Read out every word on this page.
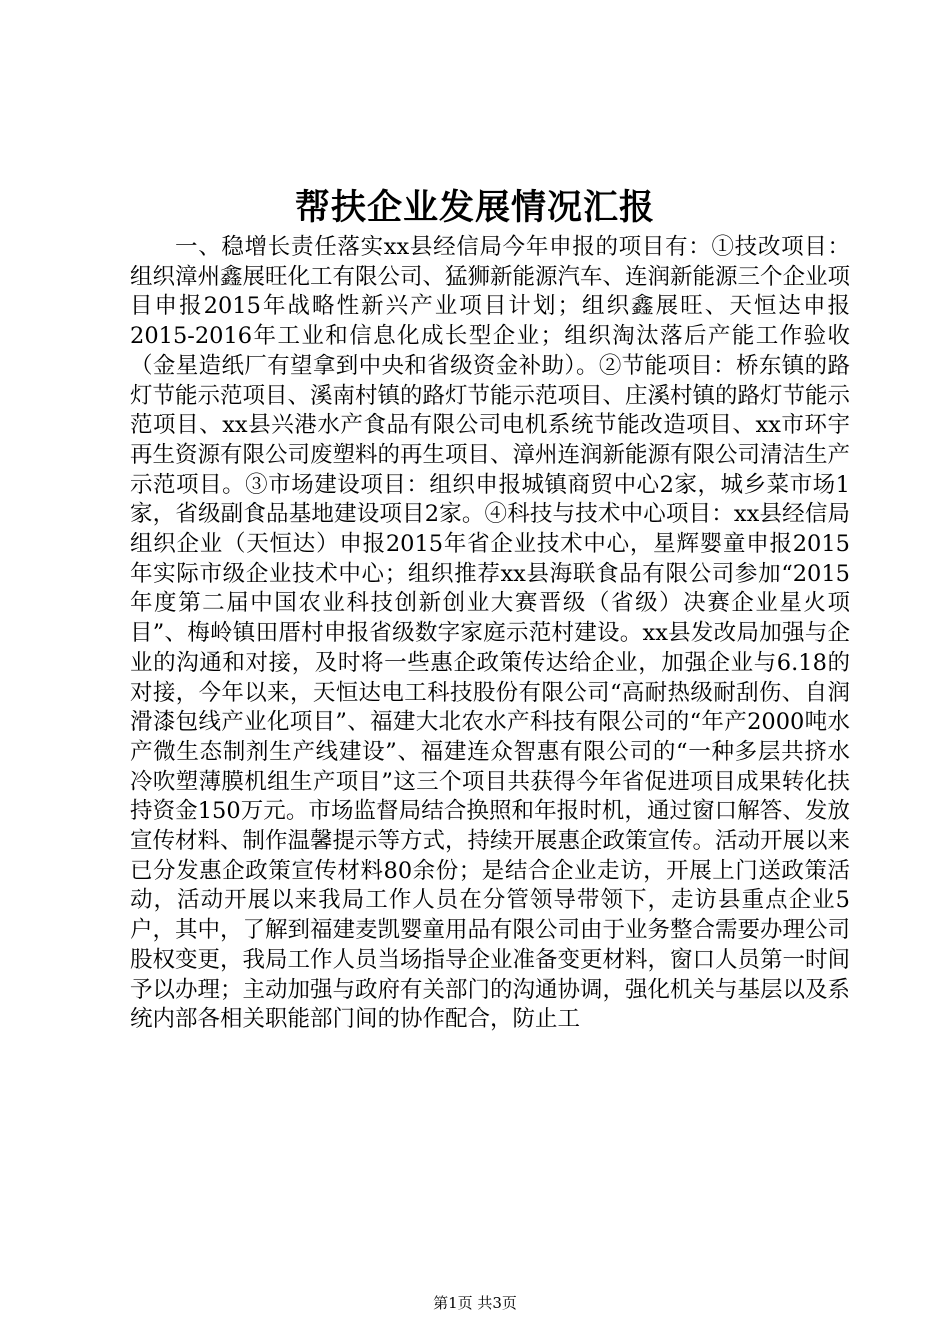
帮扶企业发展情况汇报

一、稳增长责任落实xx县经信局今年申报的项目有：①技改项目：组织漳州鑫展旺化工有限公司、猛狮新能源汽车、连润新能源三个企业项目申报2015年战略性新兴产业项目计划；组织鑫展旺、天恒达申报2015-2016年工业和信息化成长型企业；组织淘汰落后产能工作验收（金星造纸厂有望拿到中央和省级资金补助）。②节能项目：桥东镇的路灯节能示范项目、溪南村镇的路灯节能示范项目、庄溪村镇的路灯节能示范项目、xx县兴港水产食品有限公司电机系统节能改造项目、xx市环宇再生资源有限公司废塑料的再生项目、漳州连润新能源有限公司清洁生产示范项目。③市场建设项目：组织申报城镇商贸中心2家，城乡菜市场1家，省级副食品基地建设项目2家。④科技与技术中心项目：xx县经信局组织企业（天恒达）申报2015年省企业技术中心，星辉婴童申报2015年实际市级企业技术中心；组织推荐xx县海联食品有限公司参加“2015年度第二届中国农业科技创新创业大赛晋级（省级）决赛企业星火项目”、梅岭镇田厝村申报省级数字家庭示范村建设。xx县发改局加强与企业的沟通和对接，及时将一些惠企政策传达给企业，加强企业与6.18的对接，今年以来，天恒达电工科技股份有限公司“高耐热级耐刮伤、自润滑漆包线产业化项目”、福建大北农水产科技有限公司的“年产2000吨水产微生态制剂生产线建设”、福建连众智惠有限公司的“一种多层共挤水冷吹塑薄膜机组生产项目”这三个项目共获得今年省促进项目成果转化扶持资金150万元。市场监督局结合换照和年报时机，通过窗口解答、发放宣传材料、制作温馨提示等方式，持续开展惠企政策宣传。活动开展以来已分发惠企政策宣传材料80余份；是结合企业走访，开展上门送政策活动，活动开展以来我局工作人员在分管领导带领下，走访县重点企业5户，其中，了解到福建麦凯婴童用品有限公司由于业务整合需要办理公司股权变更，我局工作人员当场指导企业准备变更材料，窗口人员第一时间予以办理；主动加强与政府有关部门的沟通协调，强化机关与基层以及系统内部各相关职能部门间的协作配合，防止工

第1页 共3页
